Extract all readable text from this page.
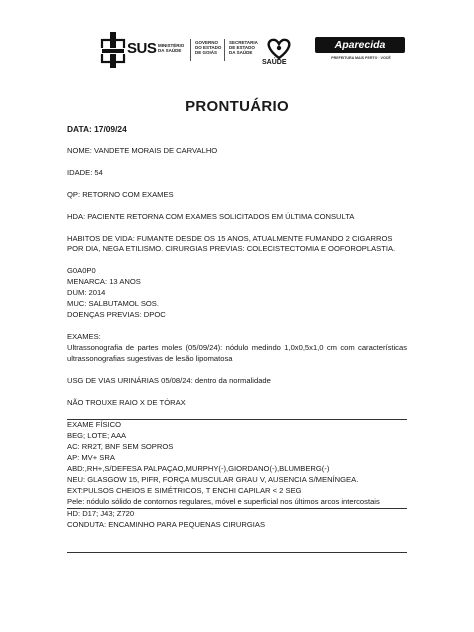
SUS MINISTÉRIO
DA SAÚDE
GOVERNO
DO ESTADO
DE GOIÁS
SECRETARIA
DE ESTADO
DA SAÚDE
SAÚDE
Aparecida
PREFEITURA MAIS PERTO · VOCÊ
PRONTUÁRIO

DATA: 17/09/24

NOME: VANDETE MORAIS DE CARVALHO

IDADE: 54

QP: RETORNO COM EXAMES

HDA: PACIENTE RETORNA COM EXAMES SOLICITADOS EM ÚLTIMA CONSULTA

HABITOS DE VIDA: FUMANTE DESDE OS 15 ANOS, ATUALMENTE FUMANDO 2 CIGARROS POR DIA, NEGA ETILISMO. CIRURGIAS PREVIAS: COLECISTECTOMIA E OOFOROPLASTIA.

G0A0P0

MENARCA: 13 ANOS

DUM: 2014

MUC: SALBUTAMOL SOS.

DOENÇAS PREVIAS: DPOC

EXAMES:

Ultrassonografia de partes moles (05/09/24): nódulo medindo 1,0x0,5x1,0 cm com características ultrassonografias sugestivas de lesão lipomatosa

USG DE VIAS URINÁRIAS 05/08/24: dentro da normalidade

NÃO TROUXE RAIO X DE TÓRAX

EXAME FÍSICO

BEG; LOTE; AAA

AC: RR2T, BNF SEM SOPROS

AP: MV+ SRA

ABD:,RH+,S/DEFESA PALPAÇAO,MURPHY(-),GIORDANO(-),BLUMBERG(-)

NEU: GLASGOW 15, PIFR, FORÇA MUSCULAR GRAU V, AUSENCIA S/MENÍNGEA.

EXT:PULSOS CHEIOS E SIMÉTRICOS, T ENCHI CAPILAR < 2 SEG

Pele: nódulo sólido de contornos regulares, móvel e superficial nos últimos arcos intercostais

HD: D17; J43; Z720

CONDUTA: ENCAMINHO PARA PEQUENAS CIRURGIAS
